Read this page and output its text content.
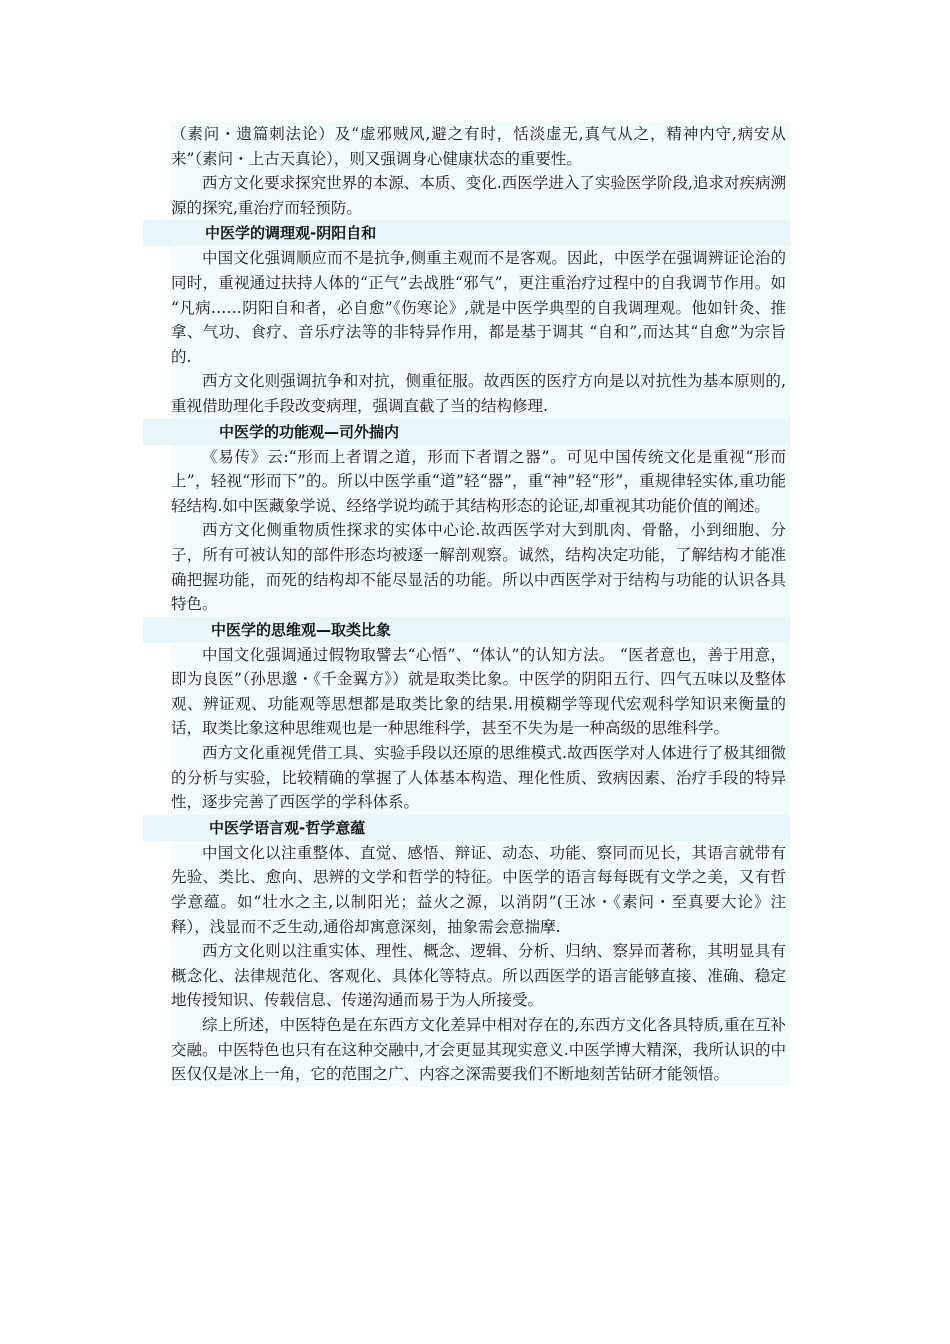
（素问・遗篇刺法论）及“虚邪贼风,避之有时，恬淡虚无,真气从之，精神内守,病安从来”（素问・上古天真论），则又强调身心健康状态的重要性。

西方文化要求探究世界的本源、本质、变化.西医学进入了实验医学阶段,追求对疾病溯源的探究,重治疗而轻预防。

中医学的调理观-阴阳自和

中国文化强调顺应而不是抗争,侧重主观而不是客观。因此，中医学在强调辨证论治的同时，重视通过扶持人体的“正气”去战胜“邪气”，更注重治疗过程中的自我调节作用。如 “凡病……阴阳自和者，必自愈”《伤寒论》,就是中医学典型的自我调理观。他如针灸、推拿、气功、食疗、音乐疗法等的非特异作用，都是基于调其 “自和”,而达其“自愈”为宗旨的.

西方文化则强调抗争和对抗，侧重征服。故西医的医疗方向是以对抗性为基本原则的,重视借助理化手段改变病理，强调直截了当的结构修理.

中医学的功能观—司外揣内

《易传》云:“形而上者谓之道，形而下者谓之器”。可见中国传统文化是重视“形而上”，轻视“形而下”的。所以中医学重“道”轻“器”，重“神”轻“形”，重规律轻实体,重功能轻结构.如中医藏象学说、经络学说均疏于其结构形态的论证,却重视其功能价值的阐述。

西方文化侧重物质性探求的实体中心论.故西医学对大到肌肉、骨骼，小到细胞、分子，所有可被认知的部件形态均被逐一解剖观察。诚然，结构决定功能，了解结构才能准确把握功能，而死的结构却不能尽显活的功能。所以中西医学对于结构与功能的认识各具特色。

中医学的思维观—取类比象

中国文化强调通过假物取譬去“心悟”、“体认”的认知方法。 “医者意也，善于用意，即为良医”（孙思邈・《千金翼方》）就是取类比象。中医学的阴阳五行、四气五味以及整体观、辨证观、功能观等思想都是取类比象的结果.用模糊学等现代宏观科学知识来衡量的话，取类比象这种思维观也是一种思维科学，甚至不失为是一种高级的思维科学。

西方文化重视凭借工具、实验手段以还原的思维模式.故西医学对人体进行了极其细微的分析与实验，比较精确的掌握了人体基本构造、理化性质、致病因素、治疗手段的特异性，逐步完善了西医学的学科体系。

中医学语言观-哲学意蕴

中国文化以注重整体、直觉、感悟、辩证、动态、功能、察同而见长，其语言就带有先验、类比、愈向、思辨的文学和哲学的特征。中医学的语言每每既有文学之美，又有哲学意蕴。如“壮水之主,以制阳光；益火之源，以消阴”(王冰・《素问・至真要大论》注释），浅显而不乏生动,通俗却寓意深刻，抽象需会意揣摩.

西方文化则以注重实体、理性、概念、逻辑、分析、归纳、察异而著称，其明显具有概念化、法律规范化、客观化、具体化等特点。所以西医学的语言能够直接、准确、稳定地传授知识、传载信息、传递沟通而易于为人所接受。

综上所述，中医特色是在东西方文化差异中相对存在的,东西方文化各具特质,重在互补交融。中医特色也只有在这种交融中,才会更显其现实意义.中医学博大精深，我所认识的中医仅仅是冰上一角，它的范围之广、内容之深需要我们不断地刻苦钻研才能领悟。
